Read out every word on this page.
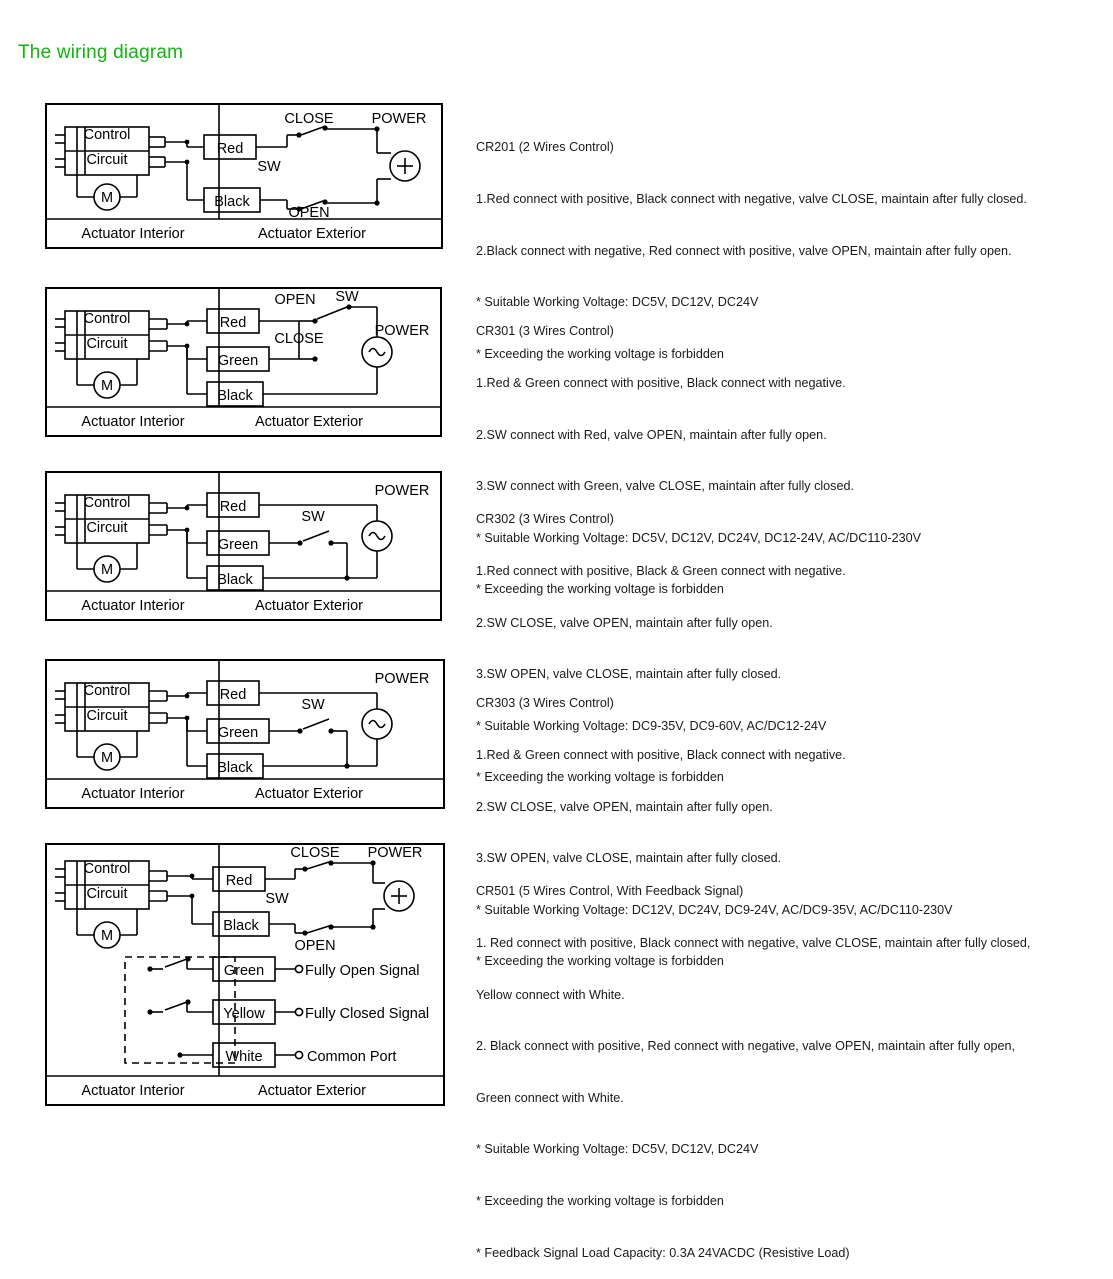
The wiring diagram
Red
Black
Control
Circuit
M
CLOSE
OPEN
SW
POWER
Actuator Interior	Actuator Exterior

CR201 (2 Wires Control)

1.Red connect with positive, Black connect with negative, valve CLOSE, maintain after fully closed.

2.Black connect with negative, Red connect with positive, valve OPEN, maintain after fully open.

* Suitable Working Voltage: DC5V, DC12V, DC24V

* Exceeding the working voltage is forbidden

Red
Green
Black
Control
Circuit
M
OPEN
CLOSE
SW
POWER
Actuator Interior	Actuator Exterior

CR301 (3 Wires Control)

1.Red & Green connect with positive, Black connect with negative.

2.SW connect with Red, valve OPEN, maintain after fully open.

3.SW connect with Green, valve CLOSE, maintain after fully closed.

* Suitable Working Voltage: DC5V, DC12V, DC24V, DC12-24V, AC/DC110-230V

* Exceeding the working voltage is forbidden

Red
Green
Black
Control
Circuit
M
SW
POWER
Actuator Interior	Actuator Exterior

CR302 (3 Wires Control)

1.Red connect with positive, Black & Green connect with negative.

2.SW CLOSE, valve OPEN, maintain after fully open.

3.SW OPEN, valve CLOSE, maintain after fully closed.

* Suitable Working Voltage: DC9-35V, DC9-60V, AC/DC12-24V

* Exceeding the working voltage is forbidden

Red
Green
Black
Control
Circuit
M
SW
POWER
Actuator Interior	Actuator Exterior

CR303 (3 Wires Control)

1.Red & Green connect with positive, Black connect with negative.

2.SW CLOSE, valve OPEN, maintain after fully open.

3.SW OPEN, valve CLOSE, maintain after fully closed.

* Suitable Working Voltage: DC12V, DC24V, DC9-24V, AC/DC9-35V, AC/DC110-230V

* Exceeding the working voltage is forbidden

Red
Black
Green
Yellow
White
Control
Circuit
M
CLOSE
OPEN
SW
POWER
Fully Open Signal
Fully Closed Signal
Common Port
Actuator Interior	Actuator Exterior

CR501 (5 Wires Control, With Feedback Signal)

1. Red connect with positive, Black connect with negative, valve CLOSE, maintain after fully closed,

Yellow connect with White.

2. Black connect with positive, Red connect with negative, valve OPEN, maintain after fully open,

Green connect with White.

* Suitable Working Voltage: DC5V, DC12V, DC24V

* Exceeding the working voltage is forbidden

* Feedback Signal Load Capacity: 0.3A 24VACDC (Resistive Load)
